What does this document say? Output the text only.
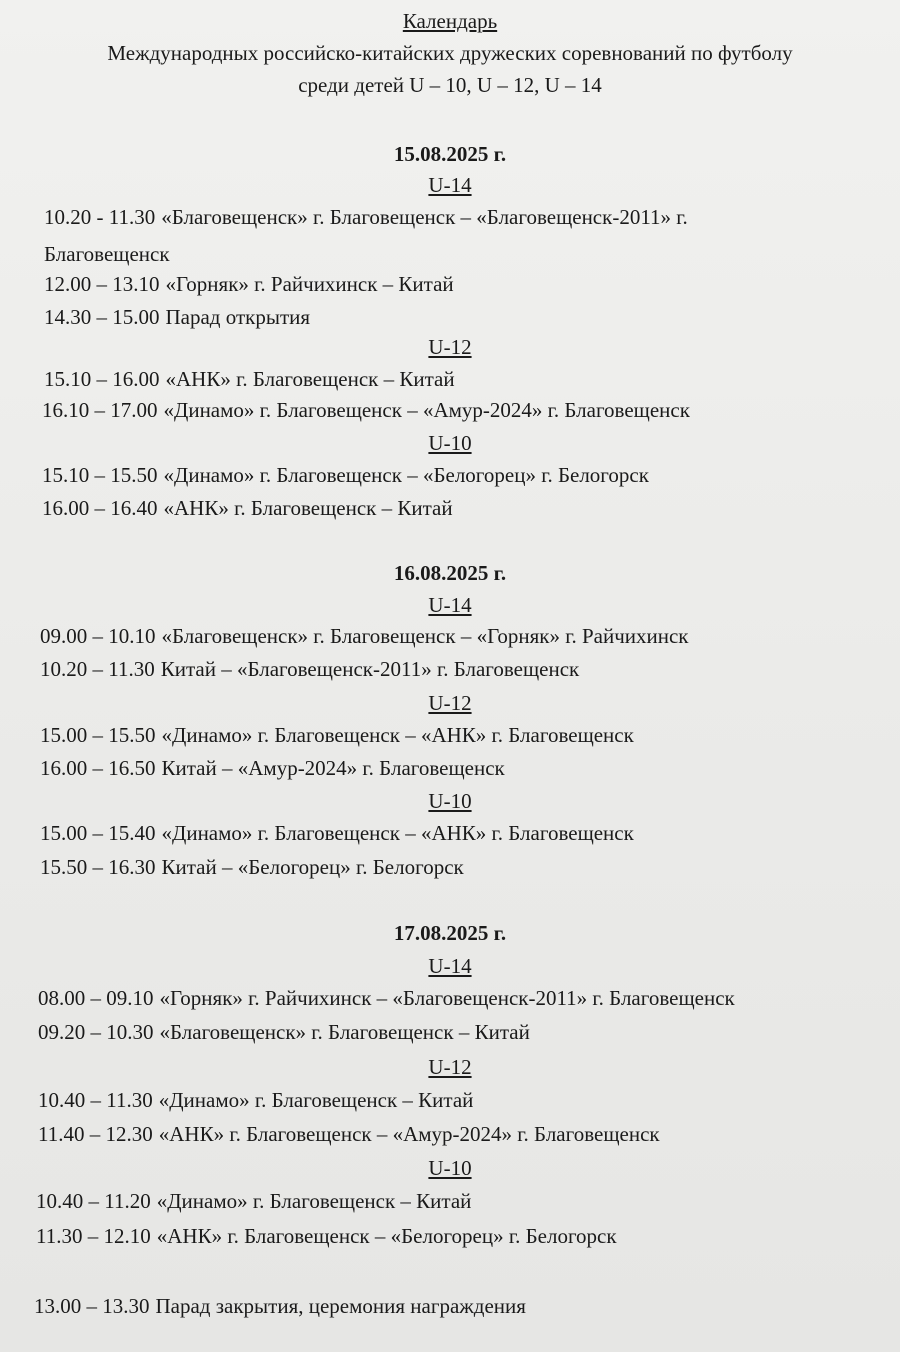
Календарь
Международных российско-китайских дружеских соревнований по футболу
среди детей U – 10, U – 12, U – 14
15.08.2025 г.
U-14
10.20 - 11.30 «Благовещенск» г. Благовещенск – «Благовещенск-2011» г.
Благовещенск
12.00 – 13.10 «Горняк» г. Райчихинск – Китай
14.30 – 15.00 Парад открытия
U-12
15.10 – 16.00 «АНК» г. Благовещенск – Китай
16.10 – 17.00 «Динамо» г. Благовещенск – «Амур-2024» г. Благовещенск
U-10
15.10 – 15.50 «Динамо» г. Благовещенск – «Белогорец» г. Белогорск
16.00 – 16.40 «АНК» г. Благовещенск – Китай
16.08.2025 г.
U-14
09.00 – 10.10 «Благовещенск» г. Благовещенск – «Горняк» г. Райчихинск
10.20 – 11.30 Китай – «Благовещенск-2011» г. Благовещенск
U-12
15.00 – 15.50 «Динамо» г. Благовещенск – «АНК» г. Благовещенск
16.00 – 16.50 Китай – «Амур-2024» г. Благовещенск
U-10
15.00 – 15.40 «Динамо» г. Благовещенск – «АНК» г. Благовещенск
15.50 – 16.30 Китай – «Белогорец» г. Белогорск
17.08.2025 г.
U-14
08.00 – 09.10 «Горняк» г. Райчихинск – «Благовещенск-2011» г. Благовещенск
09.20 – 10.30 «Благовещенск» г. Благовещенск – Китай
U-12
10.40 – 11.30 «Динамо» г. Благовещенск – Китай
11.40 – 12.30 «АНК» г. Благовещенск – «Амур-2024» г. Благовещенск
U-10
10.40 – 11.20 «Динамо» г. Благовещенск – Китай
11.30 – 12.10 «АНК» г. Благовещенск – «Белогорец» г. Белогорск
13.00 – 13.30 Парад закрытия, церемония награждения
